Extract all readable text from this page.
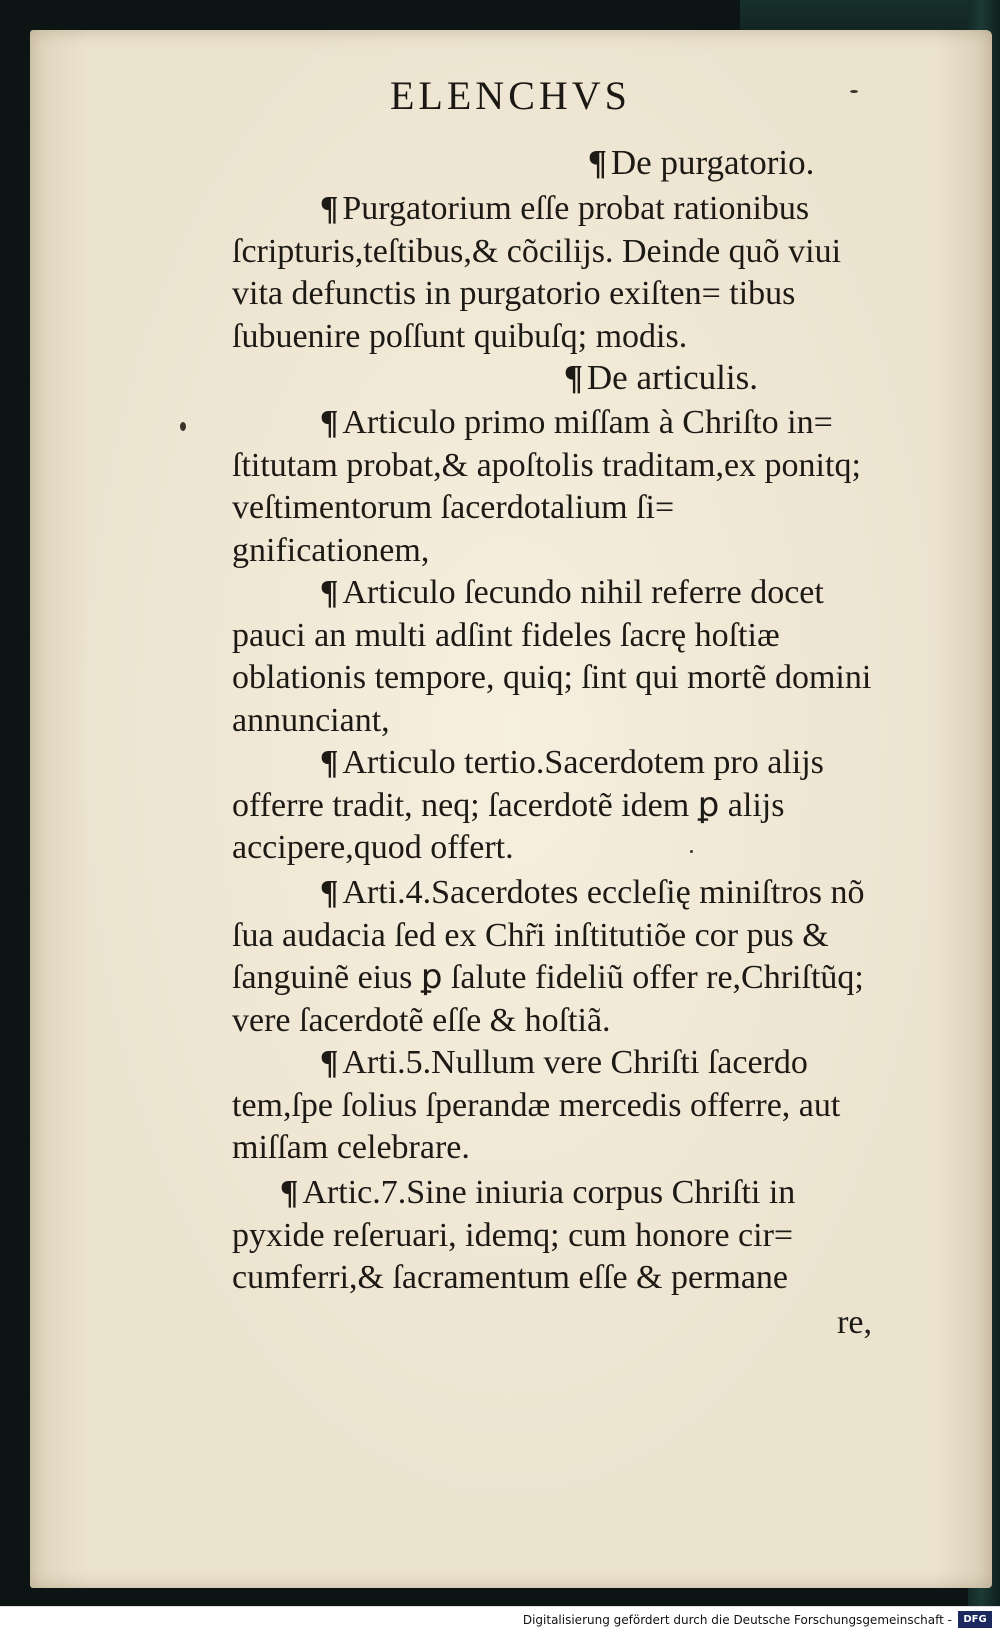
ELENCHVS
¶ De purgatorio.
¶ Purgatorium eſſe probat rationibus ſcripturis,teſtibus,& cõcilijs. Deinde quõ viui vita defunctis in purgatorio exiſten= tibus ſubuenire poſſunt quibuſq; modis.
¶ De articulis.
¶ Articulo primo miſſam à Chriſto in= ſtitutam probat,& apoſtolis traditam,ex ponitq; veſtimentorum ſacerdotalium ſi= gnificationem,
¶ Articulo ſecundo nihil referre docet pauci an multi adſint fideles ſacrę hoſtiæ oblationis tempore, quiq; ſint qui mortẽ domini annunciant,
¶ Articulo tertio.Sacerdotem pro alijs offerre tradit, neq; ſacerdotẽ idem ꝑ alijs accipere,quod offert.
¶ Arti.4.Sacerdotes eccleſię miniſtros nõ ſua audacia ſed ex Chr̃i inſtitutiõe cor pus & ſanguinẽ eius ꝑ ſalute fideliũ offer re,Chriſtũq; vere ſacerdotẽ eſſe & hoſtiã.
¶ Arti.5.Nullum vere Chriſti ſacerdo tem,ſpe ſolius ſperandæ mercedis offerre, aut miſſam celebrare.
¶ Artic.7.Sine iniuria corpus Chriſti in pyxide reſeruari, idemq; cum honore cir= cumferri,& ſacramentum eſſe & permane
re,
Digitalisierung gefördert durch die Deutsche Forschungsgemeinschaft -	DFG
